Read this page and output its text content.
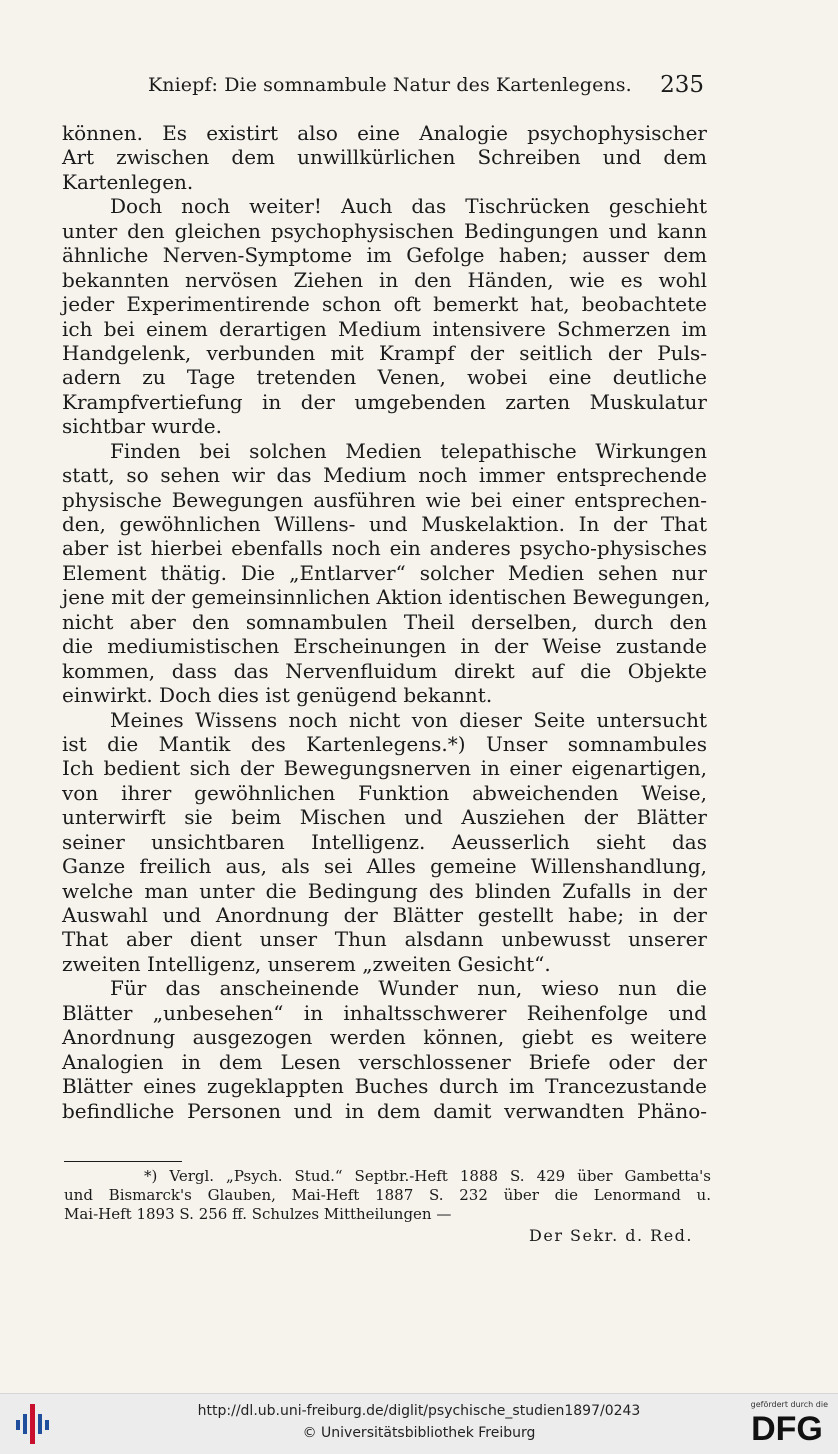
Kniepf: Die somnambule Natur des Kartenlegens. 235
können. Es existirt also eine Analogie psychophysischer
Art zwischen dem unwillkürlichen Schreiben und dem
Kartenlegen.
Doch noch weiter! Auch das Tischrücken geschieht
unter den gleichen psychophysischen Bedingungen und kann
ähnliche Nerven-Symptome im Gefolge haben; ausser dem
bekannten nervösen Ziehen in den Händen, wie es wohl
jeder Experimentirende schon oft bemerkt hat, beobachtete
ich bei einem derartigen Medium intensivere Schmerzen im
Handgelenk, verbunden mit Krampf der seitlich der Puls-
adern zu Tage tretenden Venen, wobei eine deutliche
Krampfvertiefung in der umgebenden zarten Muskulatur
sichtbar wurde.
Finden bei solchen Medien telepathische Wirkungen
statt, so sehen wir das Medium noch immer entsprechende
physische Bewegungen ausführen wie bei einer entsprechen-
den, gewöhnlichen Willens- und Muskelaktion. In der That
aber ist hierbei ebenfalls noch ein anderes psycho-physisches
Element thätig. Die „Entlarver“ solcher Medien sehen nur
jene mit der gemeinsinnlichen Aktion identischen Bewegungen,
nicht aber den somnambulen Theil derselben, durch den
die mediumistischen Erscheinungen in der Weise zustande
kommen, dass das Nervenfluidum direkt auf die Objekte
einwirkt. Doch dies ist genügend bekannt.
Meines Wissens noch nicht von dieser Seite untersucht
ist die Mantik des Kartenlegens.*) Unser somnambules
Ich bedient sich der Bewegungsnerven in einer eigenartigen,
von ihrer gewöhnlichen Funktion abweichenden Weise,
unterwirft sie beim Mischen und Ausziehen der Blätter
seiner unsichtbaren Intelligenz. Aeusserlich sieht das
Ganze freilich aus, als sei Alles gemeine Willenshandlung,
welche man unter die Bedingung des blinden Zufalls in der
Auswahl und Anordnung der Blätter gestellt habe; in der
That aber dient unser Thun alsdann unbewusst unserer
zweiten Intelligenz, unserem „zweiten Gesicht“.
Für das anscheinende Wunder nun, wieso nun die
Blätter „unbesehen“ in inhaltsschwerer Reihenfolge und
Anordnung ausgezogen werden können, giebt es weitere
Analogien in dem Lesen verschlossener Briefe oder der
Blätter eines zugeklappten Buches durch im Trancezustande
befindliche Personen und in dem damit verwandten Phäno-
*) Vergl. „Psych. Stud.“ Septbr.-Heft 1888 S. 429 über Gambetta's
und Bismarck's Glauben, Mai-Heft 1887 S. 232 über die Lenormand u.
Mai-Heft 1893 S. 256 ff. Schulzes Mittheilungen —
Der Sekr. d. Red.
http://dl.ub.uni-freiburg.de/diglit/psychische_studien1897/0243
© Universitätsbibliothek Freiburg
gefördert durch die
DFG
